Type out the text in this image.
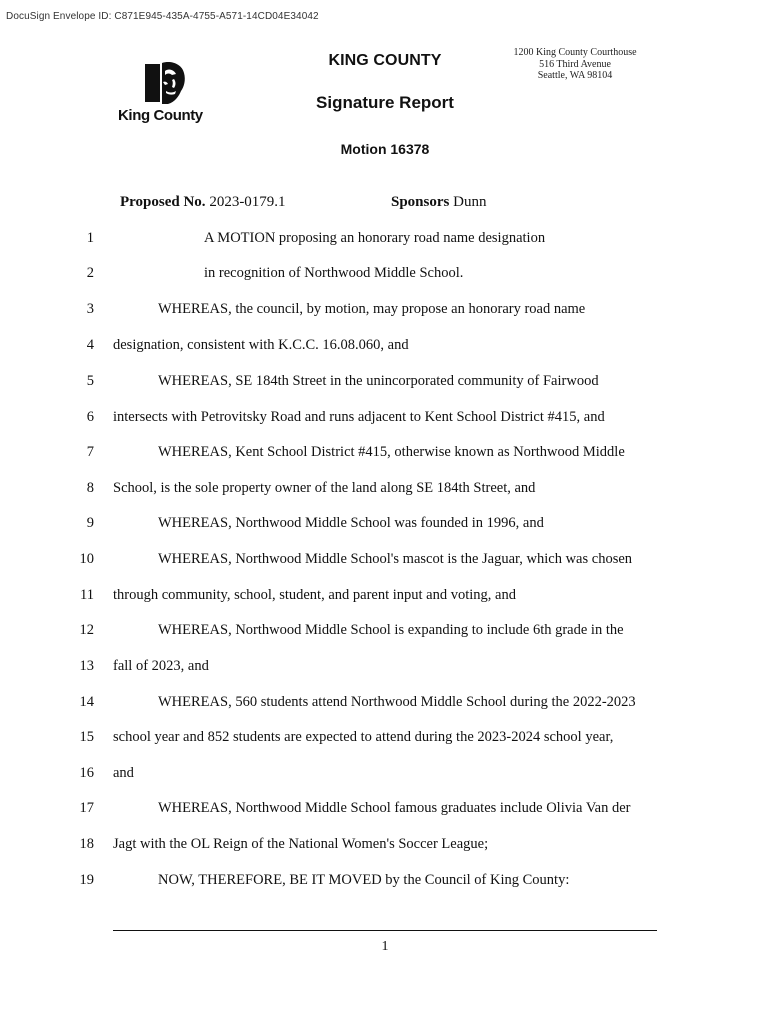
DocuSign Envelope ID: C871E945-435A-4755-A571-14CD04E34042
King County
KING COUNTY	1200 King County Courthouse
516 Third Avenue
Seattle, WA 98104
Signature Report
Motion 16378
Proposed No. 2023-0179.1	Sponsors Dunn
1	A MOTION proposing an honorary road name designation
2	in recognition of Northwood Middle School.
3	WHEREAS, the council, by motion, may propose an honorary road name
4 designation, consistent with K.C.C. 16.08.060, and
5	WHEREAS, SE 184th Street in the unincorporated community of Fairwood
6 intersects with Petrovitsky Road and runs adjacent to Kent School District #415, and
7	WHEREAS, Kent School District #415, otherwise known as Northwood Middle
8 School, is the sole property owner of the land along SE 184th Street, and
9	WHEREAS, Northwood Middle School was founded in 1996, and
10	WHEREAS, Northwood Middle School's mascot is the Jaguar, which was chosen
11 through community, school, student, and parent input and voting, and
12	WHEREAS, Northwood Middle School is expanding to include 6th grade in the
13 fall of 2023, and
14	WHEREAS, 560 students attend Northwood Middle School during the 2022-2023
15 school year and 852 students are expected to attend during the 2023-2024 school year,
16 and
17	WHEREAS, Northwood Middle School famous graduates include Olivia Van der
18 Jagt with the OL Reign of the National Women's Soccer League;
19	NOW, THEREFORE, BE IT MOVED by the Council of King County:
1
